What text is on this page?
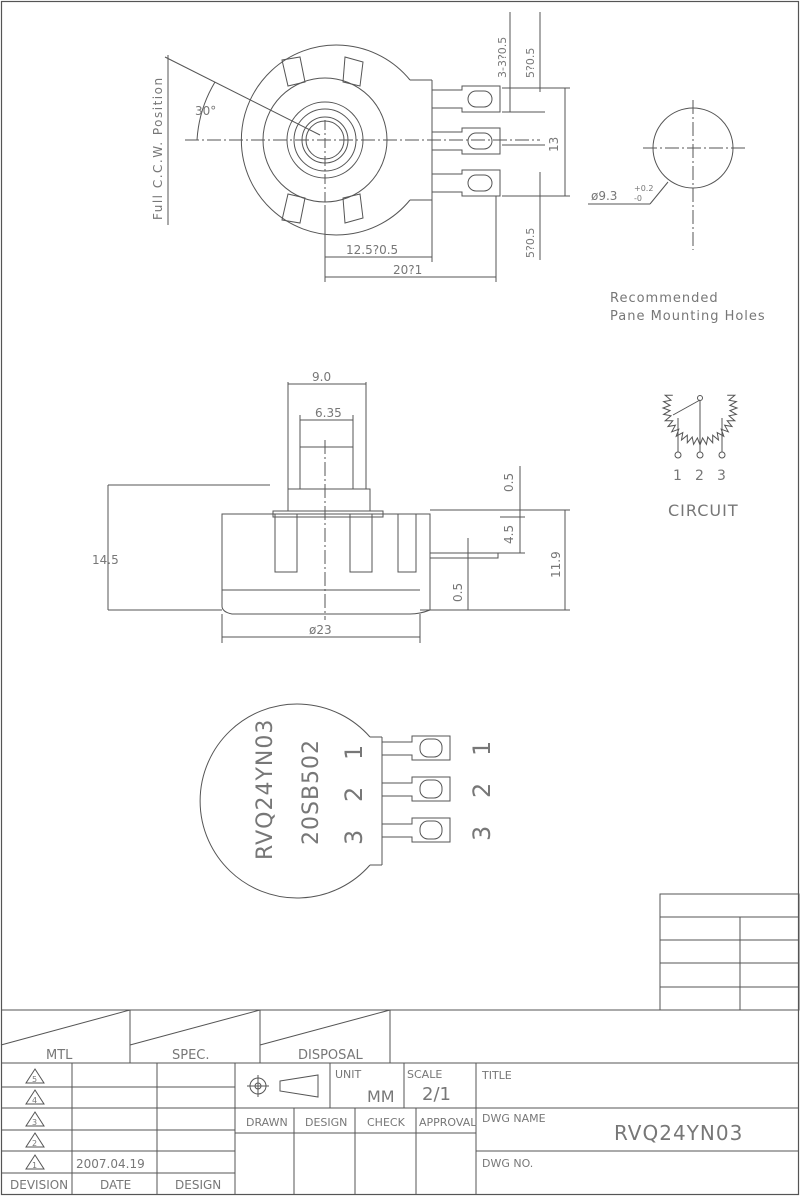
30°
Full C.C.W. Position
3-3?0.5 5?0.5
5?0.5
13
12.5?0.5
20?1
ø9.3
+0.2
-0
Recommended
Pane Mounting Holes
1 2 3
CIRCUIT
9.0
6.35
14.5
0.5
4.5
0.5
11.9
ø23
RVQ24YN03 20SB502 1
2
3
1
2
3
MTL	SPEC.	DISPOSAL
5
4
3
2
1	2007.04.19
DEVISION	DATE	DESIGN
UNIT
MM
SCALE
2/1
DRAWN DESIGN CHECK APPROVAL
TITLE
DWG NAME
RVQ24YN03
DWG NO.
